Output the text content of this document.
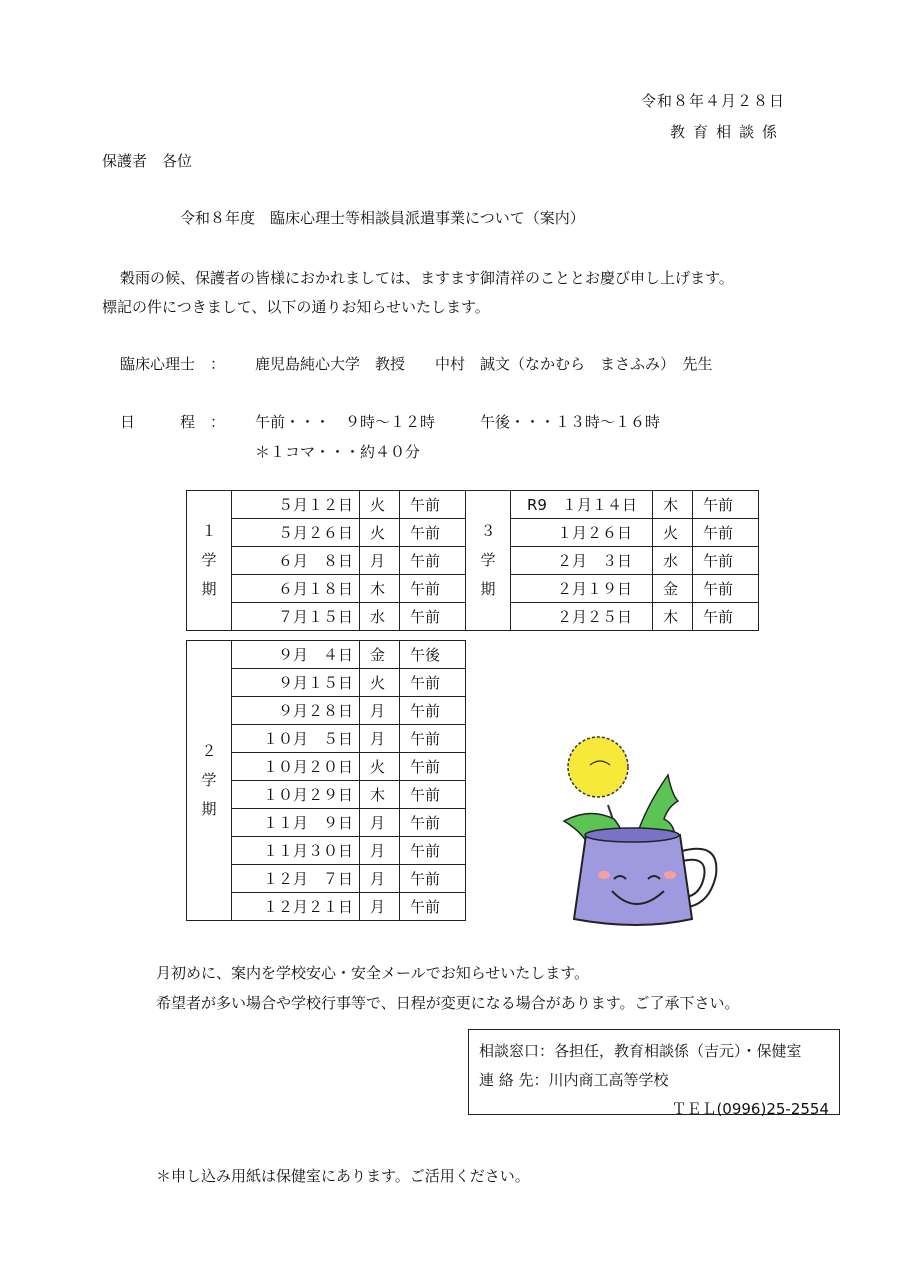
令和８年４月２８日
教育相談係
保護者　各位
令和８年度　臨床心理士等相談員派遣事業について（案内）
穀雨の候、保護者の皆様におかれましては、ますます御清祥のこととお慶び申し上げます。
標記の件につきまして、以下の通りお知らせいたします。
臨床心理士　： 鹿児島純心大学　教授　　中村　誠文（なかむら　まさふみ）　先生
日　　　程　： 午前・・・　９時～１２時　　　午後・・・１３時～１６時
＊１コマ・・・約４０分
１
学
期	５月１２日	火	午前
	５月２６日	火	午前
	６月　８日	月	午前
	６月１８日	木	午前
	７月１５日	水	午前
３
学
期	R9　１月１４日	木	午前
	　　１月２６日	火	午前
	　　２月　３日	水	午前
	　　２月１９日	金	午前
	　　２月２５日	木	午前
２
学
期	９月　４日	金	午後
	９月１５日	火	午前
	９月２８日	月	午前
	１０月　５日	月	午前
	１０月２０日	火	午前
	１０月２９日	木	午前
	１１月　９日	月	午前
	１１月３０日	月	午前
	１２月　７日	月	午前
	１２月２１日	月	午前
月初めに、案内を学校安心・安全メールでお知らせいたします。
希望者が多い場合や学校行事等で、日程が変更になる場合があります。ご了承下さい。
相談窓口：各担任，教育相談係（吉元）・保健室
連 絡 先：川内商工高等学校
ＴＥＬ(0996)25-2554
＊申し込み用紙は保健室にあります。ご活用ください。
